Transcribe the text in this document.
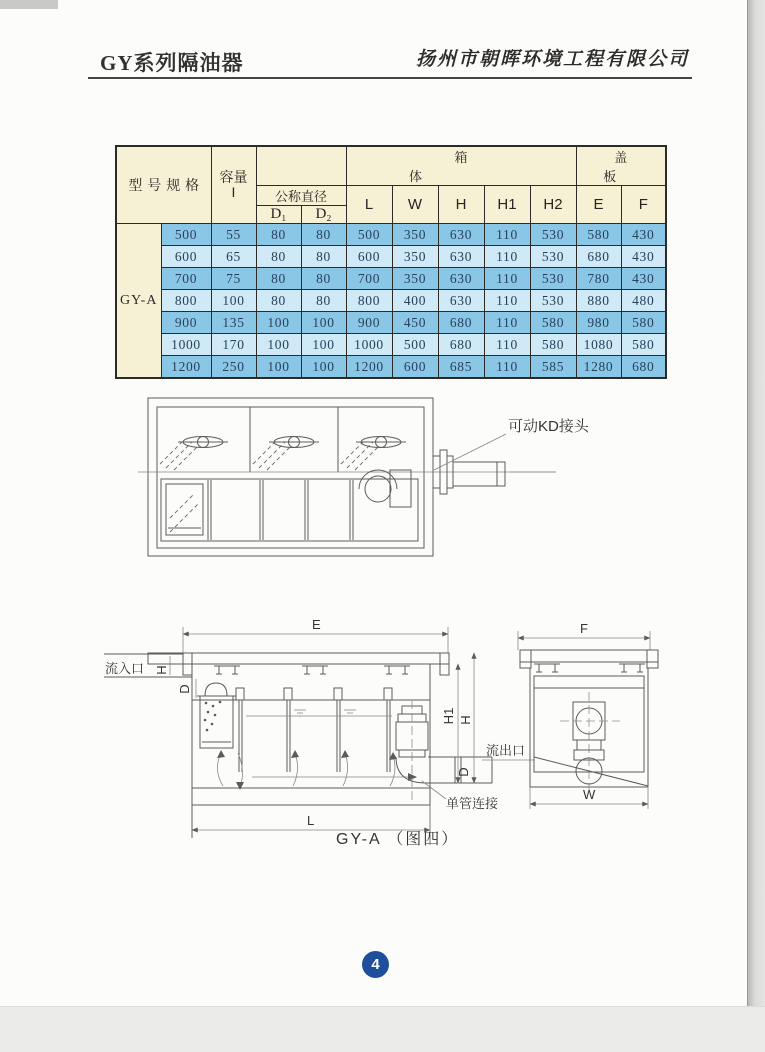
GY系列隔油器	扬州市朝晖环境工程有限公司
型号规格		容量
I			箱体					盖板	
			公称直径		L	W	H	H1	H2	E	F
			D₁	D₂							
GY-A	500	55	80	80	500	350	630	110	530	580	430
	600	65	80	80	600	350	630	110	530	680	430
	700	75	80	80	700	350	630	110	530	780	430
	800	100	80	80	800	400	630	110	530	880	480
	900	135	100	100	900	450	680	110	580	980	580
	1000	170	100	100	1000	500	680	110	580	1080	580
	1200	250	100	100	1200	600	685	110	585	1280	680
可动KD接头
E
流入口 H
D
L
H1 H
流出口
D
单管连接
F
W
GY-A （图四）
4
